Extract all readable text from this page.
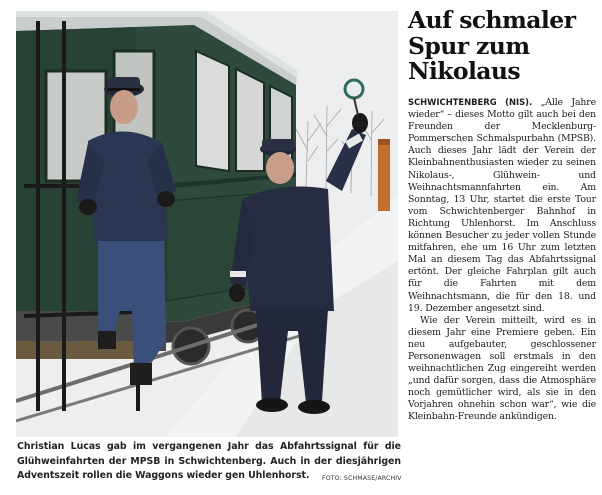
Christian Lucas gab im vergangenen Jahr das Abfahrtssignal für die Glühweinfahrten der MPSB in Schwichtenberg. Auch in der diesjährigen Adventszeit rollen die Waggons wieder gen Uhlenhorst.	FOTO: SCHMASE/ARCHIV
Auf schmaler
Spur zum
Nikolaus

SCHWICHTENBERG (NIS). „Alle Jahre wieder“ – dieses Motto gilt auch bei den Freunden der Mecklenburg-Pommerschen Schmalspurbahn (MPSB). Auch dieses Jahr lädt der Verein der Kleinbahnenthusiasten wieder zu seinen Nikolaus-, Glühwein- und Weihnachtsmannfahrten ein. Am Sonntag, 13 Uhr, startet die erste Tour vom Schwichtenberger Bahnhof in Richtung Uhlenhorst. Im Anschluss können Besucher zu jeder vollen Stunde mitfahren, ehe um 16 Uhr zum letzten Mal an diesem Tag das Abfahrtssignal ertönt. Der gleiche Fahrplan gilt auch für die Fahrten mit dem Weihnachtsmann, die für den 18. und 19. Dezember angesetzt sind.

Wie der Verein mitteilt, wird es in diesem Jahr eine Premiere geben. Ein neu aufgebauter, geschlossener Personenwagen soll erstmals in den weihnachtlichen Zug eingereiht werden „und dafür sorgen, dass die Atmosphäre noch gemütlicher wird, als sie in den Vorjahren ohnehin schon war“, wie die Kleinbahn-Freunde ankündigen.
